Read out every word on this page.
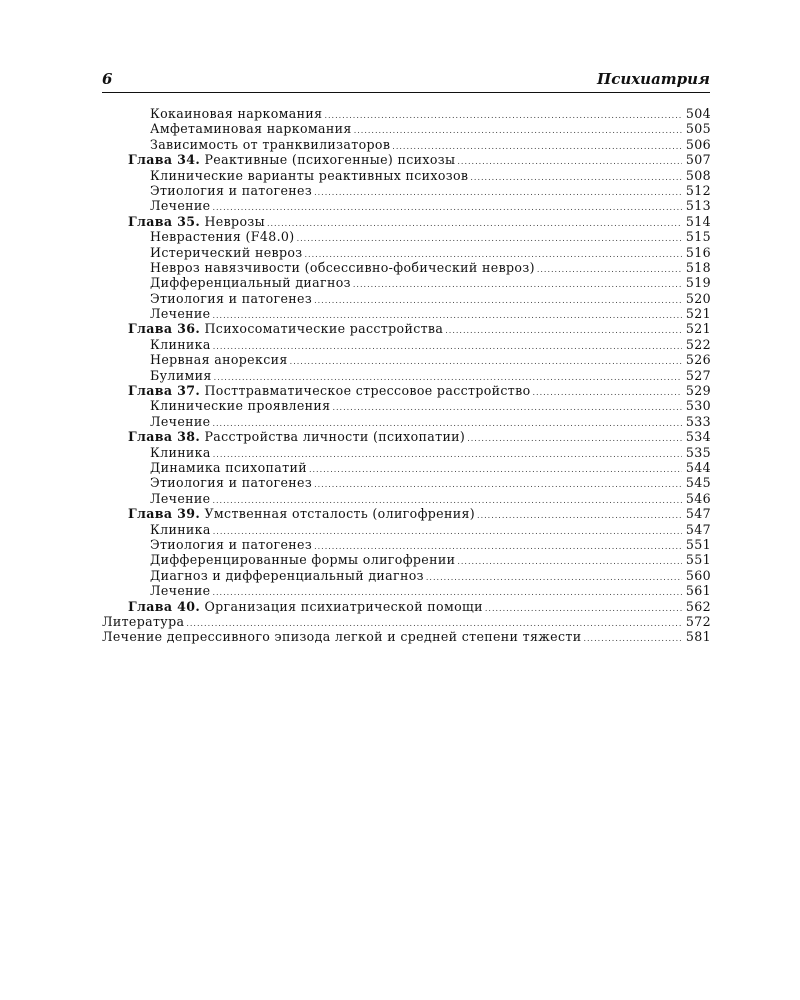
6	Психиатрия
Кокаиновая наркомания .....	504
Амфетаминовая наркомания .....	505
Зависимость от транквилизаторов .....	506
Глава 34. Реактивные (психогенные) психозы .....	507
Клинические варианты реактивных психозов .....	508
Этиология и патогенез .....	512
Лечение .....	513
Глава 35. Неврозы .....	514
Неврастения (F48.0) .....	515
Истерический невроз .....	516
Невроз навязчивости (обсессивно-фобический невроз) .....	518
Дифференциальный диагноз .....	519
Этиология и патогенез .....	520
Лечение .....	521
Глава 36. Психосоматические расстройства .....	521
Клиника .....	522
Нервная анорексия .....	526
Булимия .....	527
Глава 37. Посттравматическое стрессовое расстройство .....	529
Клинические проявления .....	530
Лечение .....	533
Глава 38. Расстройства личности (психопатии) .....	534
Клиника .....	535
Динамика психопатий .....	544
Этиология и патогенез .....	545
Лечение .....	546
Глава 39. Умственная отсталость (олигофрения) .....	547
Клиника .....	547
Этиология и патогенез .....	551
Дифференцированные формы олигофрении .....	551
Диагноз и дифференциальный диагноз .....	560
Лечение .....	561
Глава 40. Организация психиатрической помощи .....	562
Литература .....	572
Лечение депрессивного эпизода легкой и средней степени тяжести .....	581
